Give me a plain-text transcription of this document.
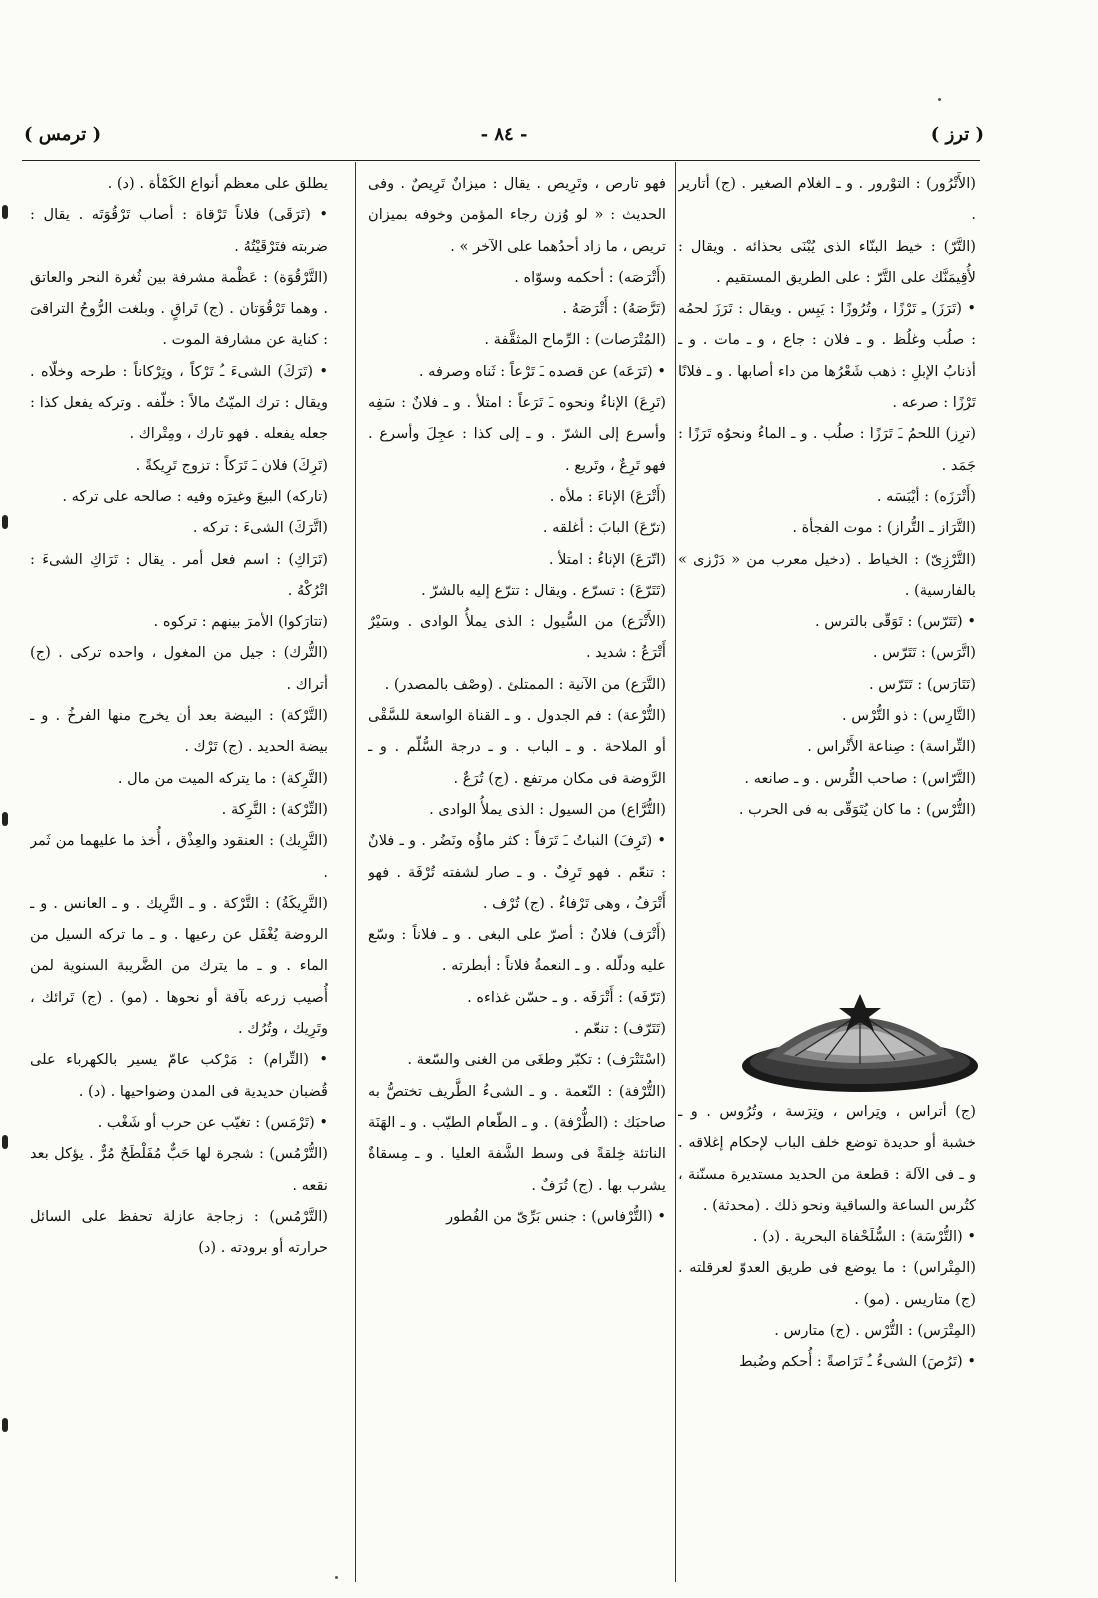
( ترز )
- ٨٤ -
( ترمس )

(الأَتْرُور) : التوْرور . و ـ الغلام الصغير . (ج) أتارير .

(التَّرّ) : خيط البنّاء الذى يُبْنَى بحذائه . ويقال : لأُقِيمَنَّك على التَّرّ : على الطريق المستقيم .

• (تَرَزَ) ـِ تَرْزًا ، وتُرُوزًا : يَبِس . ويقال : تَرَزَ لحمُه : صلُب وغلُظ . و ـ فلان : جاع ، و ـ مات . و ـ أذنابُ الإبلِ : ذهب شَعْرُها من داء أصابها . و ـ فلانًا تَرْزًا : صرعه .

(ترِز) اللحمُ ـَ تَرَزًا : صلُب . و ـ الماءُ ونحوُه تَرَزًا : جَمَد .

(أَتْرَزَه) : أيْبَسَه .

(التَّرَاز ـ التُّراز) : موت الفجأة .

(التَّرْزِىّ) : الخياط . (دخيل معرب من « دَرْزى » بالفارسية) .

• (تَتَرّس) : تَوَقّى بالترس .

(اتَّرَس) : تَتَرّس .

(تَتَارَس) : تَتَرّس .

(التَّارِس) : ذو التُّرْس .

(التِّراسة) : صِناعة الأَتْراس .

(التَّرّاس) : صاحب التُّرس . و ـ صانعه .

(التُّرْس) : ما كان يُتَوَقّى به فى الحرب .

(ج) أتراس ، وتِراس ، وتِرَسة ، وتُرُوس . و ـ خشبة أو حديدة توضع خلف الباب لإحكام إغلاقه . و ـ فى الآلة : قطعة من الحديد مستديرة مسنّنة ، كتُرس الساعة والساقية ونحو ذلك . (محدثة) .

• (التُّرْسَة) : السُّلَحْفاة البحرية . (د) .

(المِتْراس) : ما يوضع فى طريق العدوّ لعرقلته . (ج) متاريس . (مو) .

(المِتْرَس) : التُّرْس . (ج) متارس .

• (تَرُصَ) الشىءُ ـُ تَرَاصةً : أُحكم وضُبط

فهو تارص ، وتَرِيص . يقال : ميزانٌ تَرِيصٌ . وفى الحديث : « لو وُزن رجاء المؤمن وخوفه بميزان تريص ، ما زاد أحدُهما على الآخر » .

(أَتْرَصَه) : أحكمه وسوّاه .

(تَرَّصَهُ) : أَتْرَصَهُ .

(المُتْرَصات) : الرِّماح المثقَّفة .

• (تَرَعَه) عن قصده ـَ تَرْعاً : ثَناه وصرفه .

(تَرِعَ) الإناءُ ونحوه ـَ تَرَعاً : امتلأ . و ـ فلانٌ : سَفِه وأسرع إلى الشرّ . و ـ إلى كذا : عجِلَ وأسرع . فهو تَرِعٌ ، وتَريع .

(أَتْرَعَ) الإناءَ : ملأه .

(ترّعَ) البابَ : أغلقه .

(اتّرَعَ) الإناءُ : امتلأ .

(تَتَرّعَ) : تسرّع . ويقال : تترّع إليه بالشرّ .

(الأَتْرَع) من السُّيول : الذى يملأُ الوادى . وسَيْرٌ أَتْرَعُ : شديد .

(التَّرَع) من الآنية : الممتلئ . (وصْف بالمصدر) .

(التُّرْعة) : فم الجدول . و ـ القناة الواسعة للسَّقْى أو الملاحة . و ـ الباب . و ـ درجة السُّلّم . و ـ الرَّوضة فى مكان مرتفع . (ج) تُرَعٌ .

(التُّرَّاع) من السيول : الذى يملأُ الوادى .

• (تَرِفَ) النباتُ ـَ تَرَفاً : كثر ماؤُه ونَضُر . و ـ فلانٌ : تنعّم . فهو تَرِفٌ . و ـ صار لشفته تُرْفَة . فهو أَتْرَفُ ، وهى تَرْفاءُ . (ج) تُرْف .

(أَتْرَف) فلانٌ : أصرّ على البغى . و ـ فلاناً : وسّع عليه ودلّله . و ـ النعمةُ فلاناً : أبطرته .

(تَرّفَه) : أَتْرَفَه . و ـ حسّن غذاءه .

(تَتَرّف) : تنعّم .

(اسْتَتْرَف) : تكبّر وطغَى من الغنى والسّعة .

(التُّرْفة) : النّعمة . و ـ الشىءُ الطَّريف تختصُّ به صاحبَك : (الطُّرْفة) . و ـ الطّعام الطيّب . و ـ الهَنَة الناتئة خِلقةً فى وسط الشَّفة العليا . و ـ مِسقاةٌ يشرب بها . (ج) تُرَفٌ .

• (التُّرْفاس) : جنس بَرِّىّ من الفُطور

يطلق على معظم أنواع الكَمْأة . (د) .

• (تَرَقَى) فلاناً تَرْقاة : أصاب تَرْقُوَتَه . يقال : ضربته فتَرْقَيْتُهُ .

(التَّرْقُوَة) : عَظْمة مشرفة بين ثُغرة النحر والعاتق . وهما تَرْقُوَتان . (ج) تَراقٍ . وبلغت الرُّوحُ التراقىَ : كناية عن مشارفة الموت .

• (تَرَكَ) الشىءَ ـُ تَرْكاً ، وتِرْكاناً : طرحه وخلّاه . ويقال : ترك الميّتُ مالاً : خلّفه . وتركه يفعل كذا : جعله يفعله . فهو تارك ، ومِتْراك .

(تَرِكَ) فلان ـَ تَرَكاً : تزوج تَرِيكةً .

(تاركه) البيعَ وغيرَه وفيه : صالحه على تركه .

(اتَّرَكَ) الشىءَ : تركه .

(تَرَاكِ) : اسم فعل أمر . يقال : تَرَاكِ الشىءَ : اتْرُكْهُ .

(تتارَكوا) الأمرَ بينهم : تركوه .

(التُّرك) : جيل من المغول ، واحده تركى . (ج) أتراك .

(التَّرْكة) : البيضة بعد أن يخرج منها الفرخُ . و ـ بيضة الحديد . (ج) تَرْك .

(التَّرِكة) : ما يتركه الميت من مال .

(التِّرْكة) : التَّرِكة .

(التَّرِيك) : العنقود والعِذْق ، أُخذ ما عليهما من ثَمر .

(التَّرِيكَةُ) : التَّرْكة . و ـ التَّرِيك . و ـ العانس . و ـ الروضة يُغْفَل عن رعيها . و ـ ما تركه السيل من الماء . و ـ ما يترك من الضَّريبة السنوية لمن أُصيب زرعه بآفة أو نحوها . (مو) . (ج) تَرائك ، وتَرِيك ، وتُرُك .

• (التِّرام) : مَرْكب عامّ يسير بالكهرباء على قُضبان حديدية فى المدن وضواحيها . (د) .

• (تَرْمَس) : تغيّب عن حرب أو شَغْب .

(التُّرْمُس) : شجرة لها حَبٌّ مُفَلْطَحٌ مُرٌّ . يؤكل بعد نقعه .

(التَّرْمُس) : زجاجة عازلة تحفظ على السائل حرارته أو برودته . (د)
